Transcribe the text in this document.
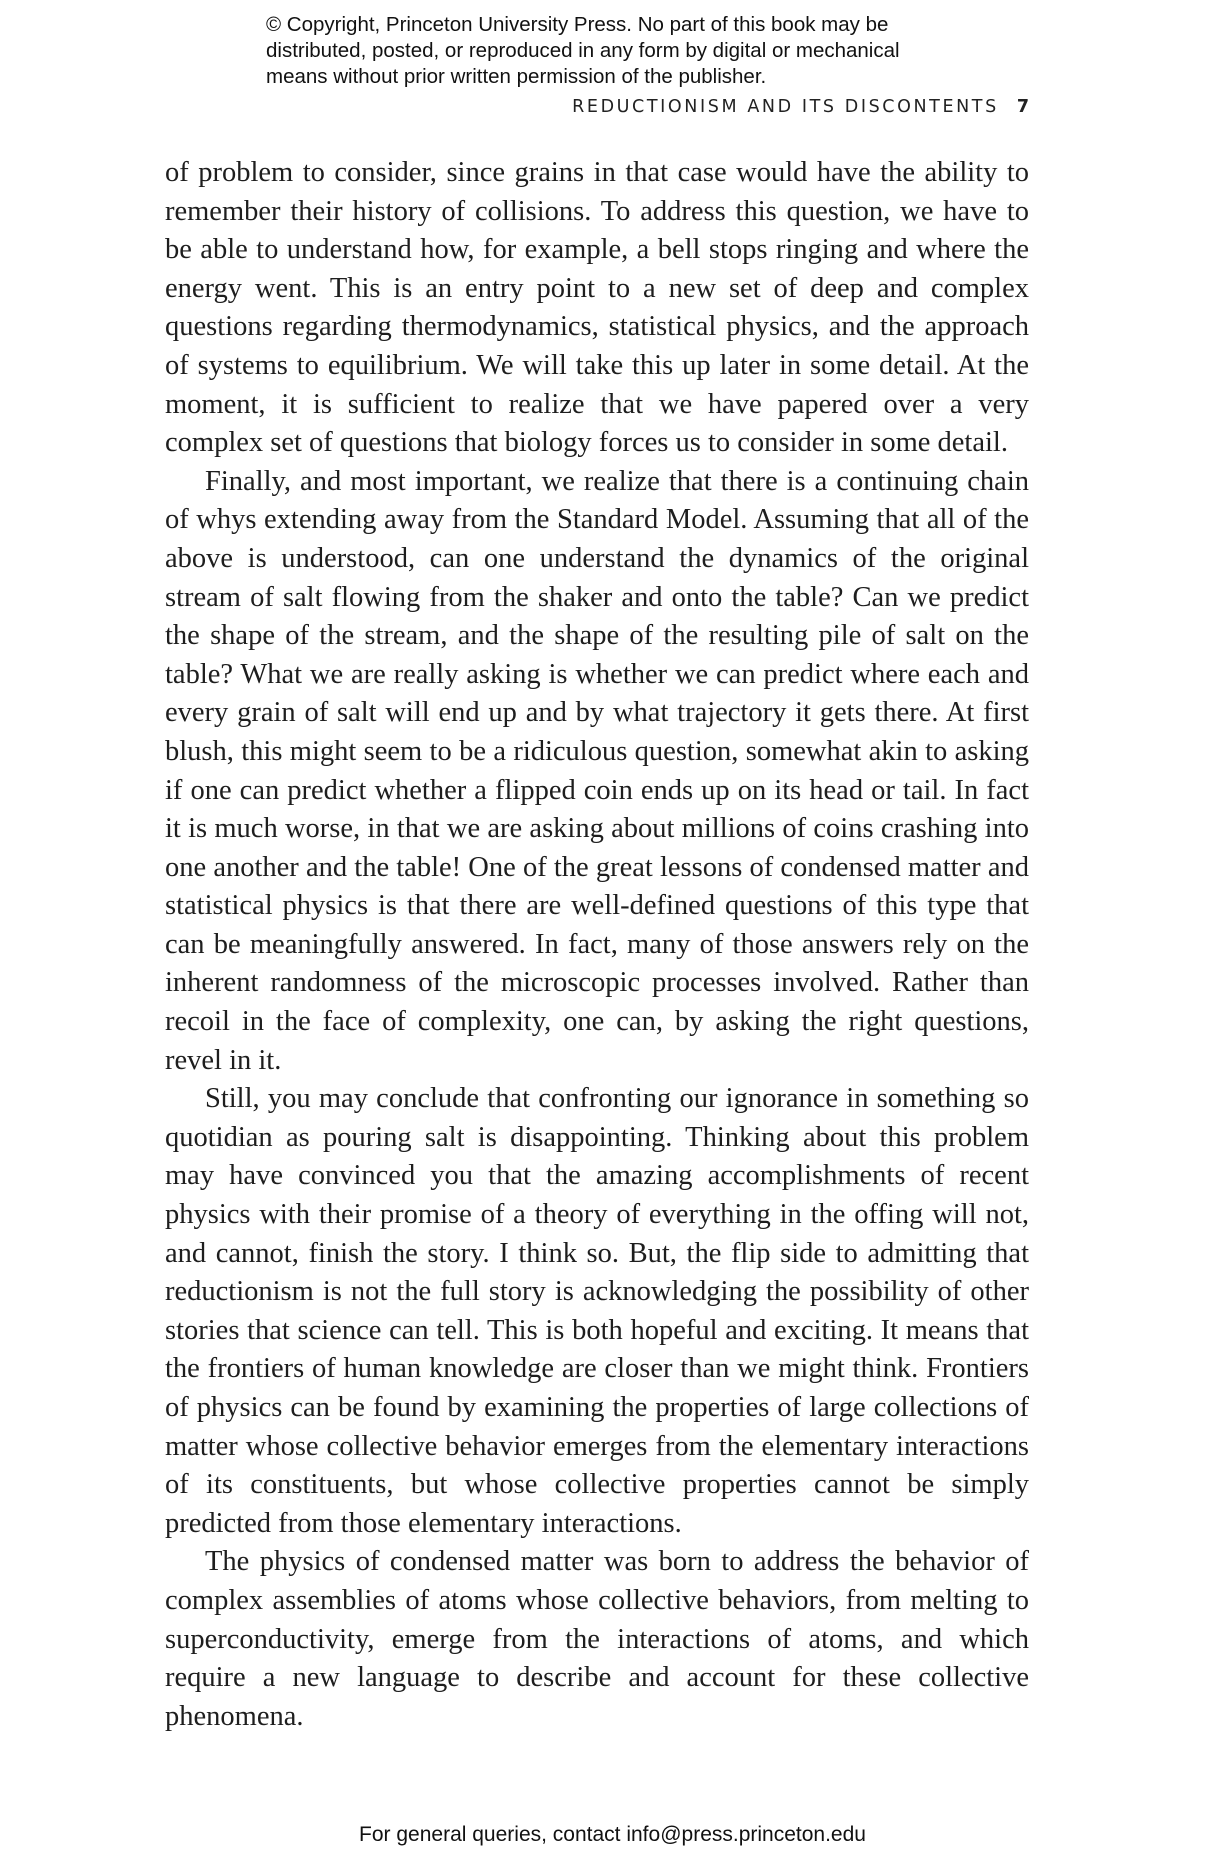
© Copyright, Princeton University Press. No part of this book may be
distributed, posted, or reproduced in any form by digital or mechanical
means without prior written permission of the publisher.
REDUCTIONISM AND ITS DISCONTENTS 7

of problem to consider, since grains in that case would have the ability to remember their history of collisions. To address this question, we have to be able to understand how, for example, a bell stops ringing and where the energy went. This is an entry point to a new set of deep and complex questions regarding thermodynamics, statistical physics, and the approach of systems to equilibrium. We will take this up later in some detail. At the moment, it is sufficient to realize that we have papered over a very complex set of questions that biology forces us to consider in some detail.

Finally, and most important, we realize that there is a continuing chain of whys extending away from the Standard Model. Assuming that all of the above is understood, can one understand the dynamics of the original stream of salt flowing from the shaker and onto the table? Can we predict the shape of the stream, and the shape of the resulting pile of salt on the table? What we are really asking is whether we can predict where each and every grain of salt will end up and by what trajectory it gets there. At first blush, this might seem to be a ridiculous question, somewhat akin to asking if one can predict whether a flipped coin ends up on its head or tail. In fact it is much worse, in that we are asking about millions of coins crashing into one another and the table! One of the great lessons of condensed matter and statistical physics is that there are well-defined questions of this type that can be meaningfully answered. In fact, many of those answers rely on the inherent randomness of the microscopic processes involved. Rather than recoil in the face of complexity, one can, by asking the right questions, revel in it.

Still, you may conclude that confronting our ignorance in something so quotidian as pouring salt is disappointing. Thinking about this problem may have convinced you that the amazing accomplishments of recent physics with their promise of a theory of everything in the offing will not, and cannot, finish the story. I think so. But, the flip side to admitting that reductionism is not the full story is acknowledging the possibility of other stories that science can tell. This is both hopeful and exciting. It means that the frontiers of human knowledge are closer than we might think. Frontiers of physics can be found by examining the properties of large collections of matter whose collective behavior emerges from the elementary interactions of its constituents, but whose collective properties cannot be simply predicted from those elementary interactions.

The physics of condensed matter was born to address the behavior of complex assemblies of atoms whose collective behaviors, from melting to superconductivity, emerge from the interactions of atoms, and which require a new language to describe and account for these collective phenomena.

For general queries, contact info@press.princeton.edu
